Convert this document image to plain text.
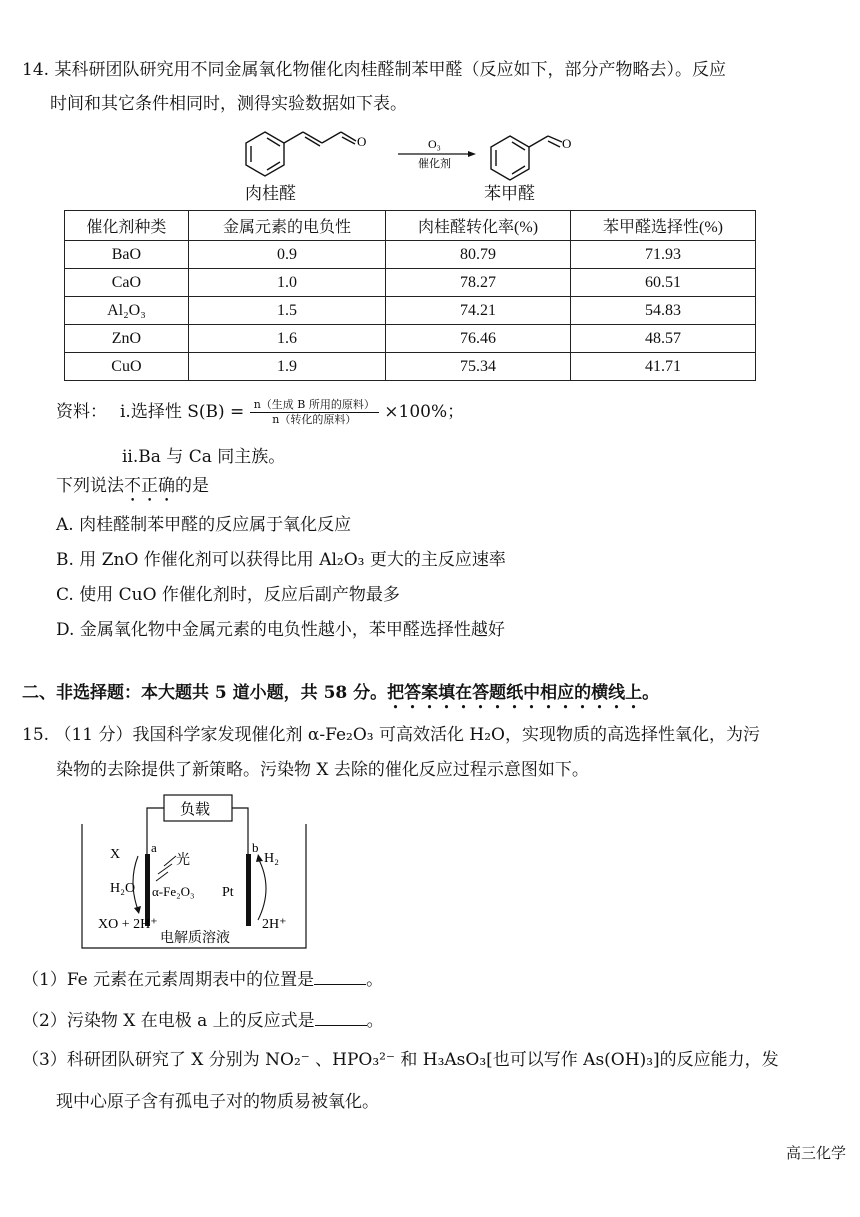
14. 某科研团队研究用不同金属氧化物催化肉桂醛制苯甲醛（反应如下，部分产物略去）。反应
时间和其它条件相同时，测得实验数据如下表。
O	O₃
催化剂
O
肉桂醛	苯甲醛
催化剂种类	金属元素的电负性	肉桂醛转化率(%)	苯甲醛选择性(%)
BaO	0.9	80.79	71.93
CaO	1.0	78.27	60.51
Al₂O₃	1.5	74.21	54.83
ZnO	1.6	76.46	48.57
CuO	1.9	75.34	41.71
资料： i.选择性 $S(B) = \frac{\text{n（生成 B 所用的原料）}}{\text{n（转化的原料）}} \times 100\%$；
ii.Ba 与 Ca 同主族。
下列说法不正确的是
A. 肉桂醛制苯甲醛的反应属于氧化反应
B. 用 ZnO 作催化剂可以获得比用 Al₂O₃ 更大的主反应速率
C. 使用 CuO 作催化剂时，反应后副产物最多
D. 金属氧化物中金属元素的电负性越小，苯甲醛选择性越好
二、非选择题：本大题共 5 道小题，共 58 分。把答案填在答题纸中相应的横线上。
15. （11 分）我国科学家发现催化剂 α-Fe₂O₃ 可高效活化 H₂O，实现物质的高选择性氧化，为污
染物的去除提供了新策略。污染物 X 去除的催化反应过程示意图如下。
负载
a	b
X
H₂O
XO + 2H⁺
光
α-Fe₂O₃ Pt
H₂
2H⁺
电解质溶液
（1）Fe 元素在元素周期表中的位置是	。
（2）污染物 X 在电极 a 上的反应式是	。
（3）科研团队研究了 X 分别为 NO₂⁻ 、HPO₃²⁻ 和 H₃AsO₃[也可以写作 As(OH)₃]的反应能力，发
现中心原子含有孤电子对的物质易被氧化。
高三化学
